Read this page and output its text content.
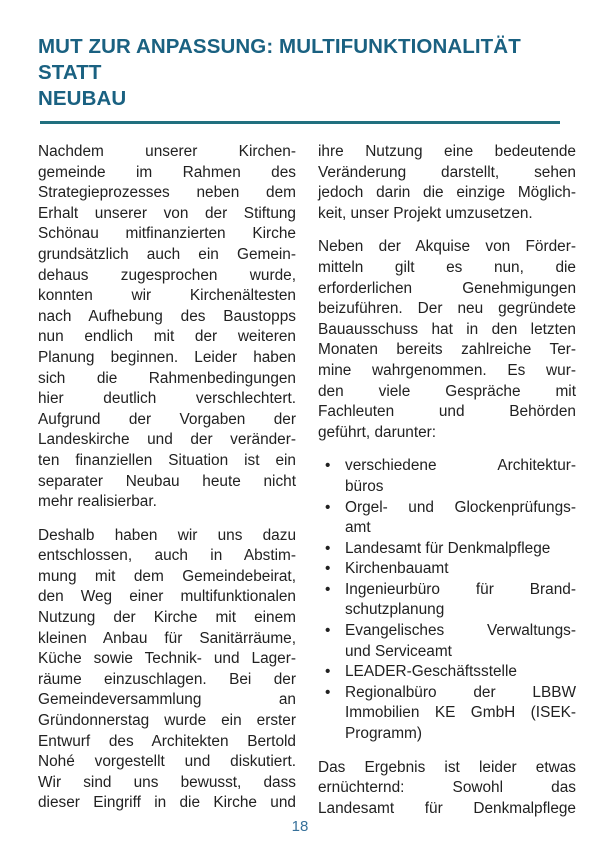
MUT ZUR ANPASSUNG: MULTIFUNKTIONALITÄT STATT
NEUBAU
Nachdem unserer Kirchen-
gemeinde im Rahmen des
Strategieprozesses neben dem
Erhalt unserer von der Stiftung
Schönau mitfinanzierten Kirche
grundsätzlich auch ein Gemein-
dehaus zugesprochen wurde,
konnten wir Kirchenältesten
nach Aufhebung des Baustopps
nun endlich mit der weiteren
Planung beginnen. Leider haben
sich die Rahmenbedingungen
hier deutlich verschlechtert.
Aufgrund der Vorgaben der
Landeskirche und der veränder-
ten finanziellen Situation ist ein
separater Neubau heute nicht
mehr realisierbar.
Deshalb haben wir uns dazu
entschlossen, auch in Abstim-
mung mit dem Gemeindebeirat,
den Weg einer multifunktionalen
Nutzung der Kirche mit einem
kleinen Anbau für Sanitärräume,
Küche sowie Technik- und Lager-
räume einzuschlagen. Bei der
Gemeindeversammlung an
Gründonnerstag wurde ein erster
Entwurf des Architekten Bertold
Nohé vorgestellt und diskutiert.
Wir sind uns bewusst, dass
dieser Eingriff in die Kirche und
ihre Nutzung eine bedeutende
Veränderung darstellt, sehen
jedoch darin die einzige Möglich-
keit, unser Projekt umzusetzen.
Neben der Akquise von Förder-
mitteln gilt es nun, die
erforderlichen Genehmigungen
beizuführen. Der neu gegründete
Bauausschuss hat in den letzten
Monaten bereits zahlreiche Ter-
mine wahrgenommen. Es wur-
den viele Gespräche mit
Fachleuten und Behörden
geführt, darunter:
• verschiedene Architektur-
büros
• Orgel- und Glockenprüfungs-
amt
• Landesamt für Denkmalpflege
• Kirchenbauamt
• Ingenieurbüro für Brand-
schutzplanung
• Evangelisches Verwaltungs-
und Serviceamt
• LEADER-Geschäftsstelle
• Regionalbüro der LBBW
Immobilien KE GmbH (ISEK-
Programm)
Das Ergebnis ist leider etwas
ernüchternd: Sowohl das
Landesamt für Denkmalpflege
18
